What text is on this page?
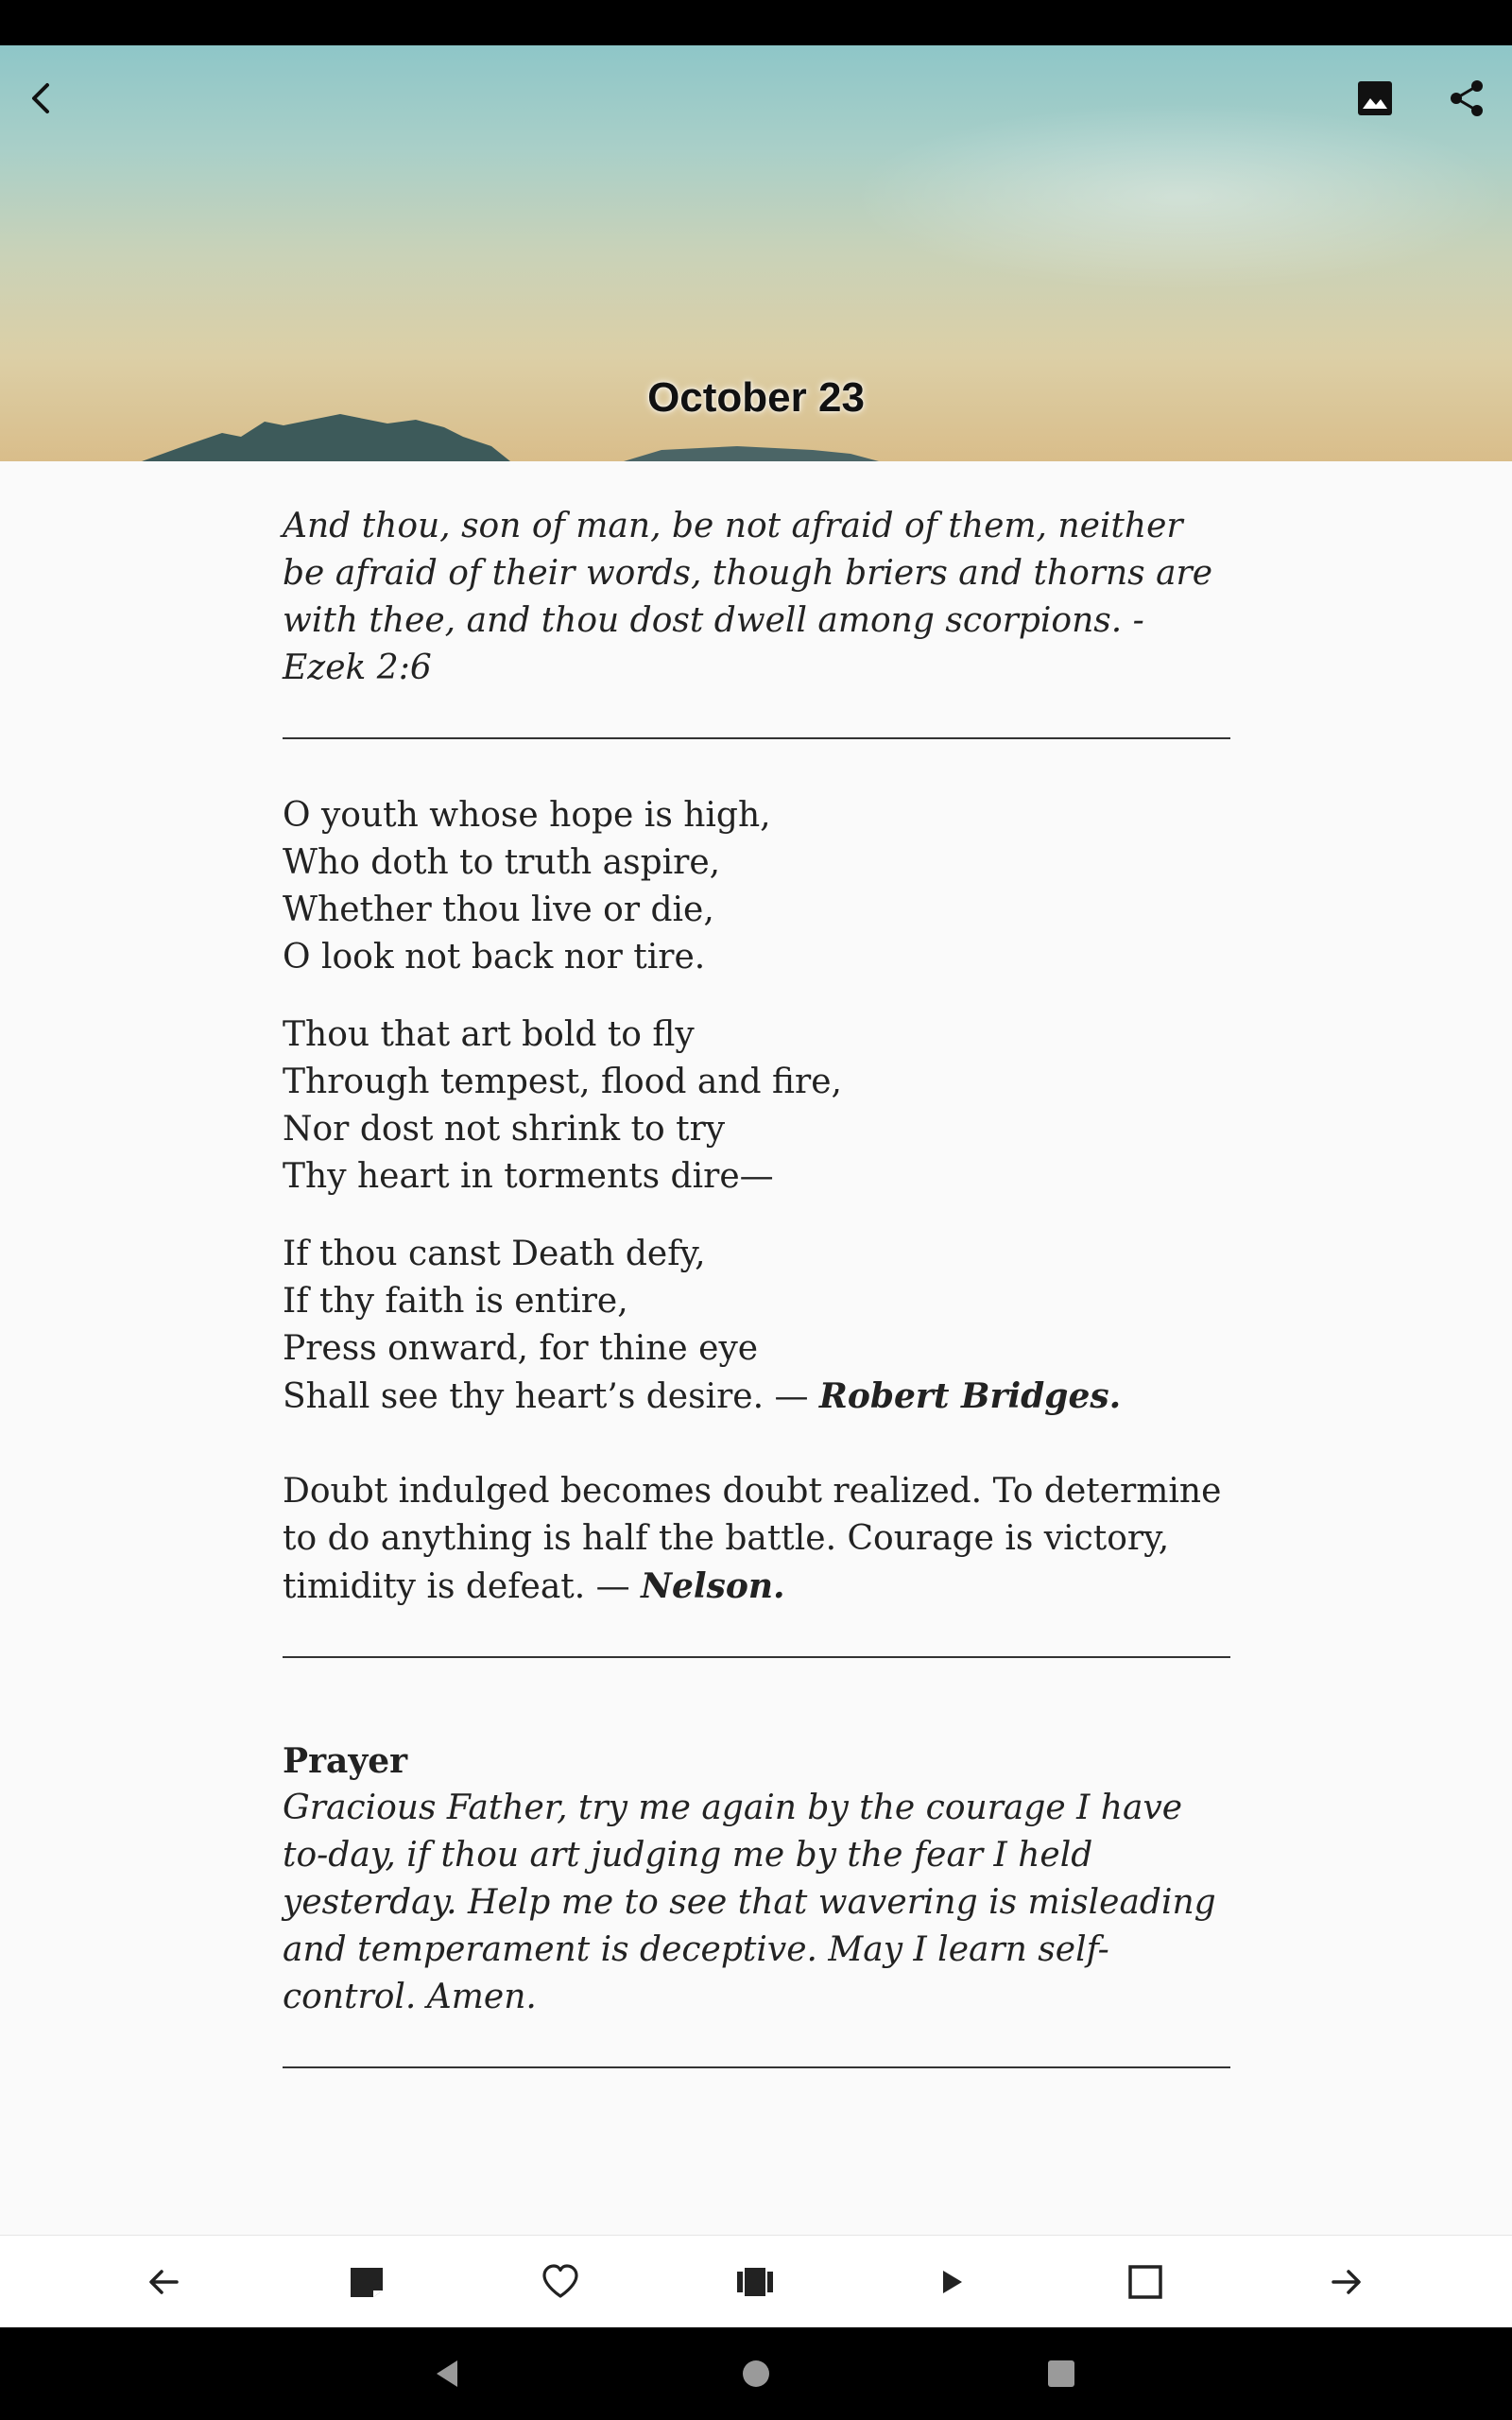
October 23

And thou, son of man, be not afraid of them, neither be afraid of their words, though briers and thorns are with thee, and thou dost dwell among scorpions. - Ezek 2:6

O youth whose hope is high,
Who doth to truth aspire,
Whether thou live or die,
O look not back nor tire.

Thou that art bold to fly
Through tempest, flood and fire,
Nor dost not shrink to try
Thy heart in torments dire—

If thou canst Death defy,
If thy faith is entire,
Press onward, for thine eye
Shall see thy heart’s desire. — Robert Bridges.

Doubt indulged becomes doubt realized. To determine to do anything is half the battle. Courage is victory, timidity is defeat. — Nelson.

Prayer
Gracious Father, try me again by the courage I have to-day, if thou art judging me by the fear I held yesterday. Help me to see that wavering is misleading and temperament is deceptive. May I learn self-control. Amen.
